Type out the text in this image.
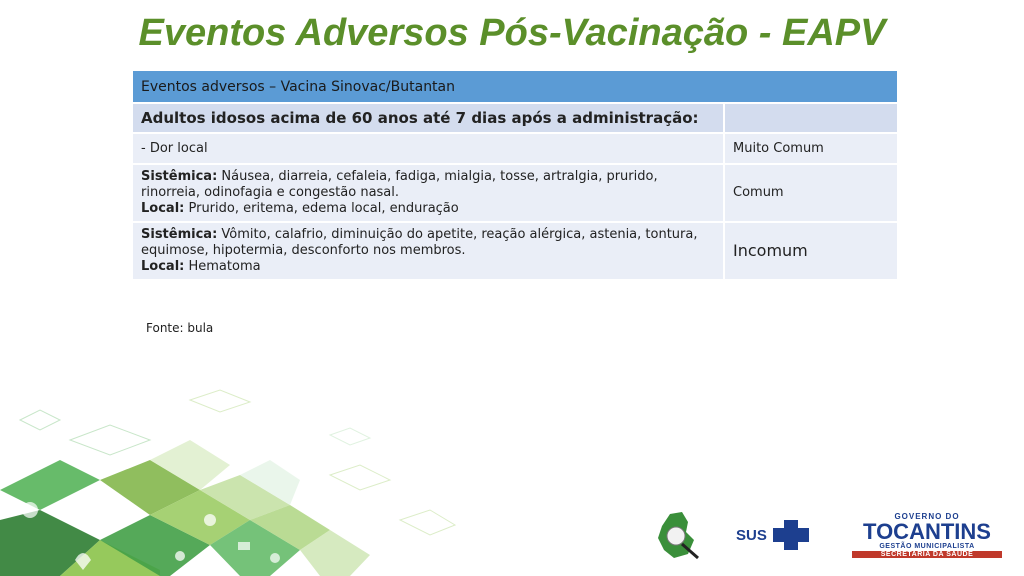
Eventos Adversos Pós-Vacinação - EAPV
Eventos adversos – Vacina Sinovac/Butantan	
Adultos idosos acima de 60 anos até 7 dias após a administração:	
- Dor local	Muito Comum
Sistêmica: Náusea, diarreia, cefaleia, fadiga, mialgia, tosse, artralgia, prurido, rinorreia, odinofagia e congestão nasal.
Local: Prurido, eritema, edema local, enduração	Comum
Sistêmica: Vômito, calafrio, diminuição do apetite, reação alérgica, astenia, tontura, equimose, hipotermia, desconforto nos membros.
Local: Hematoma	Incomum
Fonte: bula
SUS
GOVERNO DO
TOCANTINS
GESTÃO MUNICIPALISTA
SECRETARIA DA SAÚDE
